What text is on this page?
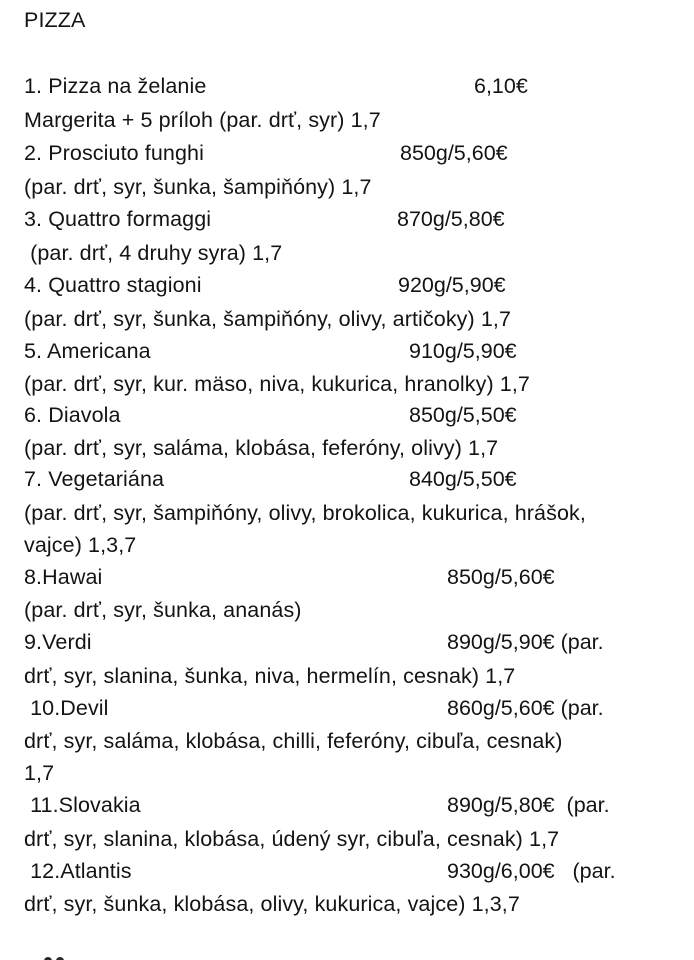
PIZZA
1. Pizza na želanie	6,10€
Margerita + 5 príloh (par. drť, syr) 1,7
2. Prosciuto funghi	850g/5,60€
(par. drť, syr, šunka, šampiňóny) 1,7
3. Quattro formaggi	870g/5,80€
(par. drť, 4 druhy syra) 1,7
4. Quattro stagioni	920g/5,90€
(par. drť, syr, šunka, šampiňóny, olivy, artičoky) 1,7
5. Americana	910g/5,90€
(par. drť, syr, kur. mäso, niva, kukurica, hranolky) 1,7
6. Diavola	850g/5,50€
(par. drť, syr, saláma, klobása, feferóny, olivy) 1,7
7. Vegetariána	840g/5,50€
(par. drť, syr, šampiňóny, olivy, brokolica, kukurica, hrášok,
vajce) 1,3,7
8.Hawai	850g/5,60€
(par. drť, syr, šunka, ananás)
9.Verdi	890g/5,90€ (par.
drť, syr, slanina, šunka, niva, hermelín, cesnak) 1,7
10.Devil	860g/5,60€ (par.
drť, syr, saláma, klobása, chilli, feferóny, cibuľa, cesnak)
1,7
11.Slovakia	890g/5,80€  (par.
drť, syr, slanina, klobása, údený syr, cibuľa, cesnak) 1,7
12.Atlantis	930g/6,00€   (par.
drť, syr, šunka, klobása, olivy, kukurica, vajce) 1,3,7
